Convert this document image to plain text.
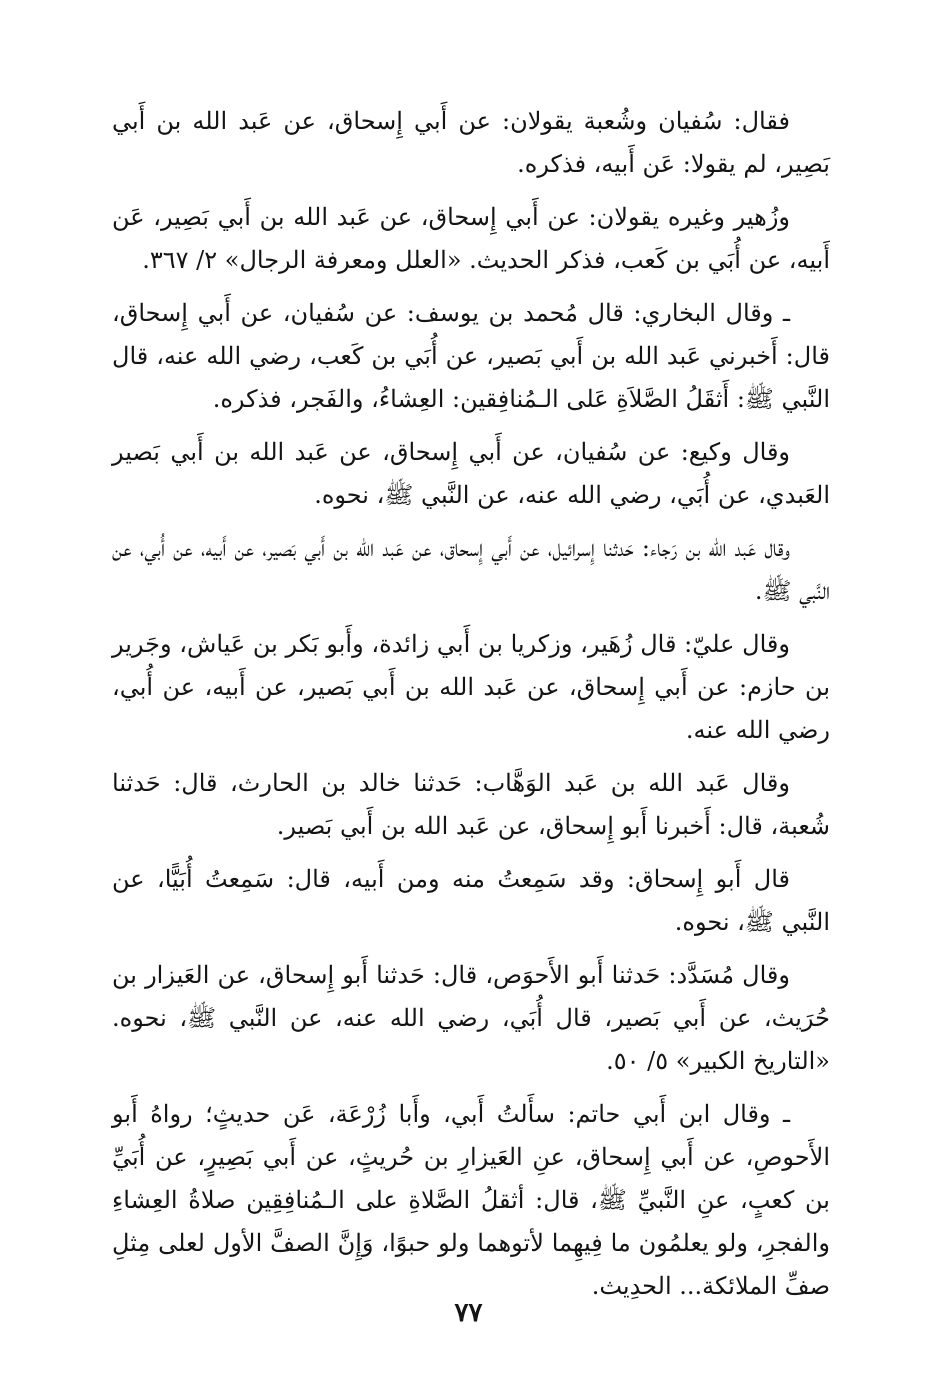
فقال: سُفيان وشُعبة يقولان: عن أَبي إِسحاق، عن عَبد الله بن أَبي بَصِير، لم يقولا: عَن أَبيه، فذكره.

وزُهير وغيره يقولان: عن أَبي إِسحاق، عن عَبد الله بن أَبي بَصِير، عَن أَبيه، عن أُبَي بن كَعب، فذكر الحديث. «العلل ومعرفة الرجال» ٢/ ٣٦٧.

ـ وقال البخاري: قال مُحمد بن يوسف: عن سُفيان، عن أَبي إِسحاق، قال: أَخبرني عَبد الله بن أَبي بَصير، عن أُبَي بن كَعب، رضي الله عنه، قال النَّبي ﷺ: أَثقَلُ الصَّلاَةِ عَلى الـمُنافِقين: العِشاءُ، والفَجر، فذكره.

وقال وكيع: عن سُفيان، عن أَبي إِسحاق، عن عَبد الله بن أَبي بَصير العَبدي، عن أُبَي، رضي الله عنه، عن النَّبي ﷺ، نحوه.

وقال عَبد الله بن رَجاء: حَدثنا إِسرائيل، عن أَبي إِسحاق، عن عَبد الله بن أَبي بَصير، عن أَبيه، عن أُبي، عن النَّبي ﷺ.

وقال عليّ: قال زُهَير، وزكريا بن أَبي زائدة، وأَبو بَكر بن عَياش، وجَرير بن حازم: عن أَبي إِسحاق، عن عَبد الله بن أَبي بَصير، عن أَبيه، عن أُبي، رضي الله عنه.

وقال عَبد الله بن عَبد الوَهَّاب: حَدثنا خالد بن الحارث، قال: حَدثنا شُعبة، قال: أَخبرنا أَبو إِسحاق، عن عَبد الله بن أَبي بَصير.

قال أَبو إِسحاق: وقد سَمِعتُ منه ومن أَبيه، قال: سَمِعتُ أُبَيًّا، عن النَّبي ﷺ، نحوه.

وقال مُسَدَّد: حَدثنا أَبو الأَحوَص، قال: حَدثنا أَبو إِسحاق، عن العَيزار بن حُرَيث، عن أَبي بَصير، قال أُبَي، رضي الله عنه، عن النَّبي ﷺ، نحوه. «التاريخ الكبير» ٥/ ٥٠.

ـ وقال ابن أَبي حاتم: سأَلتُ أَبي، وأَبا زُرْعَة، عَن حديثٍ؛ رواهُ أَبو الأَحوصِ، عن أَبي إِسحاق، عنِ العَيزارِ بن حُريثٍ، عن أَبي بَصِيرٍ، عن أُبَيِّ بن كعبٍ، عنِ النَّبيِّ ﷺ، قال: أثقلُ الصَّلاةِ على الـمُنافِقِين صلاةُ العِشاءِ والفجرِ، ولو يعلمُون ما فِيهِما لأتوهما ولو حبوًا، وَإِنَّ الصفَّ الأول لعلى مِثلِ صفِّ الملائكة... الحدِيث.

٧٧
